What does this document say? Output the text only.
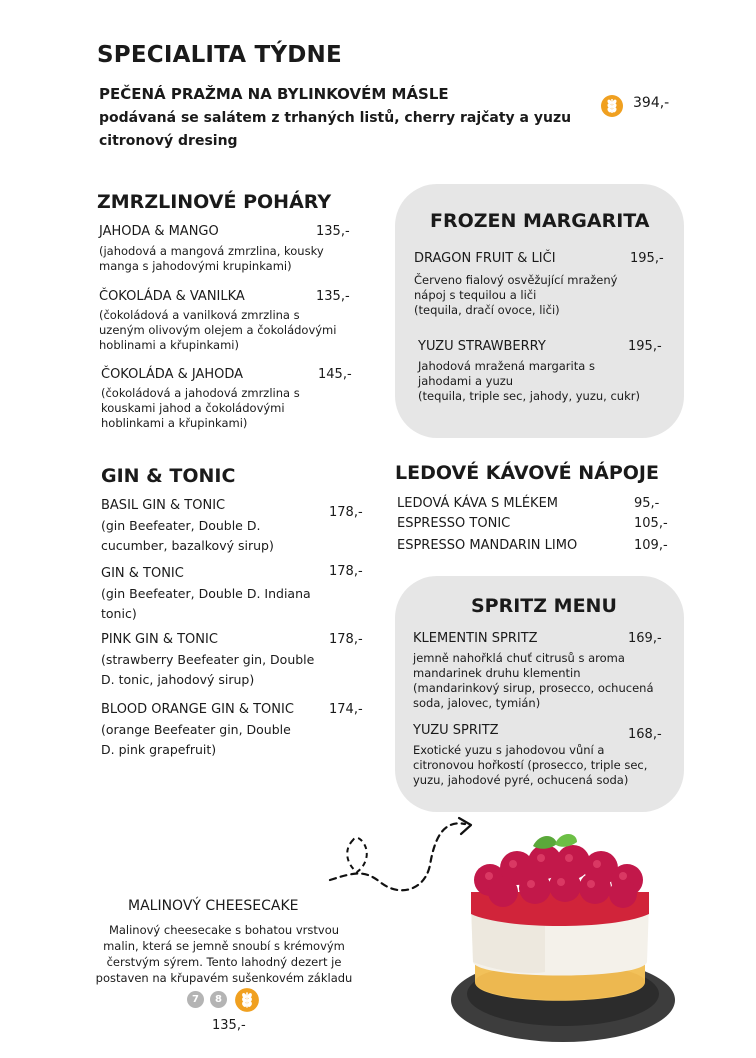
SPECIALITA TÝDNE
PEČENÁ PRAŽMA NA BYLINKOVÉM MÁSLE
podávaná se salátem z trhaných listů, cherry rajčaty a yuzu
citronový dresing
394,-
ZMRZLINOVÉ POHÁRY
JAHODA & MANGO	135,-
(jahodová a mangová zmrzlina, kousky
manga s jahodovými krupinkami)
ČOKOLÁDA & VANILKA	135,-
(čokoládová a vanilková zmrzlina s
uzeným olivovým olejem a čokoládovými
hoblinami a křupinkami)
ČOKOLÁDA & JAHODA	145,-
(čokoládová a jahodová zmrzlina s
kouskami jahod a čokoládovými
hoblinkami a křupinkami)
FROZEN MARGARITA
DRAGON FRUIT & LIČI	195,-
Červeno fialový osvěžující mražený
nápoj s tequilou a liči
(tequila, dračí ovoce, liči)
YUZU STRAWBERRY	195,-
Jahodová mražená margarita s
jahodami a yuzu
(tequila, triple sec, jahody, yuzu, cukr)
GIN & TONIC
BASIL GIN & TONIC	178,-
(gin Beefeater, Double D.
cucumber, bazalkový sirup)
GIN & TONIC	178,-
(gin Beefeater, Double D. Indiana
tonic)
PINK GIN & TONIC	178,-
(strawberry Beefeater gin, Double
D. tonic, jahodový sirup)
BLOOD ORANGE GIN & TONIC	174,-
(orange Beefeater gin, Double
D. pink grapefruit)
LEDOVÉ KÁVOVÉ NÁPOJE
LEDOVÁ KÁVA S MLÉKEM	95,-
ESPRESSO TONIC	105,-
ESPRESSO MANDARIN LIMO	109,-
SPRITZ MENU
KLEMENTIN SPRITZ	169,-
jemně nahořklá chuť citrusů s aroma
mandarinek druhu klementin
(mandarinkový sirup, prosecco, ochucená
soda, jalovec, tymián)
YUZU SPRITZ	168,-
Exotické yuzu s jahodovou vůní a
citronovou hořkostí (prosecco, triple sec,
yuzu, jahodové pyré, ochucená soda)
MALINOVÝ CHEESECAKE
Malinový cheesecake s bohatou vrstvou
malin, která se jemně snoubí s krémovým
čerstvým sýrem. Tento lahodný dezert je
postaven na křupavém sušenkovém základu
7	8
135,-
